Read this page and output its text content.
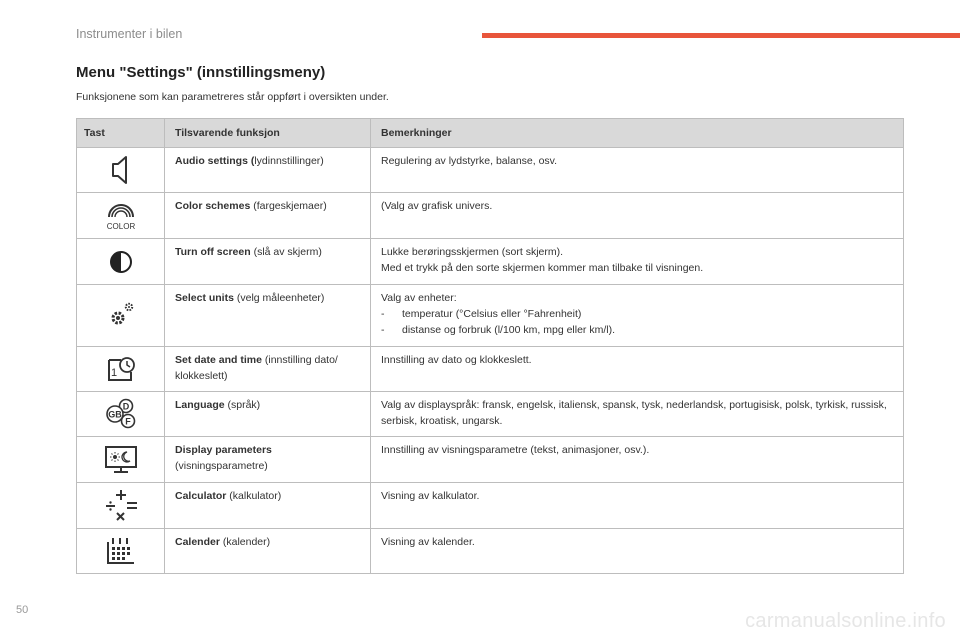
Instrumenter i bilen
Menu "Settings" (innstillingsmeny)
Funksjonene som kan parametreres står oppført i oversikten under.
Tast	Tilsvarende funksjon	Bemerkninger

	Audio settings (lydinnstillinger)	Regulering av lydstyrke, balanse, osv.

COLOR	Color schemes (fargeskjemaer)	(Valg av grafisk univers.

	Turn off screen (slå av skjerm)	Lukke berøringsskjermen (sort skjerm).
Med et trykk på den sorte skjermen kommer man tilbake til visningen.

	Select units (velg måleenheter)	Valg av enheter:
- temperatur (°Celsius eller °Fahrenheit)
- distanse og forbruk (l/100 km, mpg eller km/l).

1	Set date and time (innstilling dato/ klokkeslett)	Innstilling av dato og klokkeslett.

D
F
GB	Language (språk)	Valg av displayspråk: fransk, engelsk, italiensk, spansk, tysk, nederlandsk, portugisisk, polsk, tyrkisk, russisk, serbisk, kroatisk, ungarsk.

Display parameters
(visningsparametre)	Innstilling av visningsparametre (tekst, animasjoner, osv.).

	Calculator (kalkulator)	Visning av kalkulator.

	Calender (kalender)	Visning av kalender.
50	carmanualsonline.info
